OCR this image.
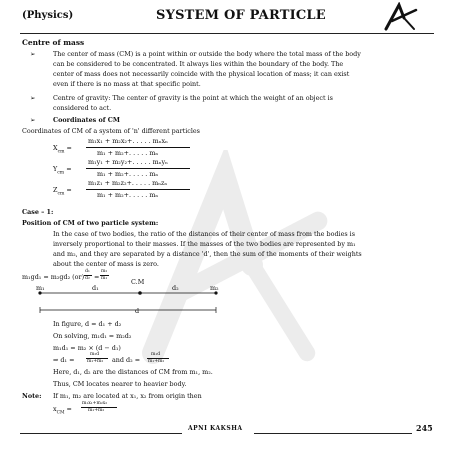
(Physics)	SYSTEM OF PARTICLE
Centre of mass
➢	The center of mass (CM) is a point within or outside the body where the total mass of the body
can be considered to be concentrated. It always lies within the boundary of the body. The
center of mass does not necessarily coincide with the physical location of mass; it can exist
even if there is no mass at that specific point.
➢	Centre of gravity: The center of gravity is the point at which the weight of an object is
considered to act.
➢	Coordinates of CM
Coordinates of CM of a system of 'n' different particles
$X_{cm}$ =
m₁x₁ + m₂x₂+. . . . . mₙxₙ
m₁ + m₂+. . . . . mₙ
$Y_{cm}$ =
m₁y₁ + m₂y₂+. . . . . mₙyₙ
m₁ + m₂+. . . . . mₙ
$Z_{cm}$ =
m₁z₁ + m₂z₂+. . . . . mₙzₙ
m₁ + m₂+. . . . . mₙ
Case – 1:
Position of CM of two particle system:
In the case of two bodies, the ratio of the distances of their center of mass from the bodies is
inversely proportional to their masses. If the masses of the two bodies are represented by m₁
and m₂, and they are separated by a distance 'd', then the sum of the moments of their weights
about the center of mass is zero.
m₁gd₁ = m₂gd₂ (or)
d₁
d₂ =
m₂
m₁
m₁	d₁
C.M
d₂	m₂
d
In figure, d = d₁ + d₂
On solving, m₁d₁ = m₂d₂
m₁d₁ = m₂ × (d − d₁)
⇒ d₁ =
m₂d
m₁+m₂ and d₂ =
m₁d
m₁+m₂
Here, d₁, d₂ are the distances of CM from m₁, m₂.
Thus, CM locates nearer to heavier body.
Note: If m₁, m₂ are located at x₁, x₂ from origin then
$x_{CM}$ =
m₁x₁+m₂x₂
m₁+m₂
APNI KAKSHA	245
